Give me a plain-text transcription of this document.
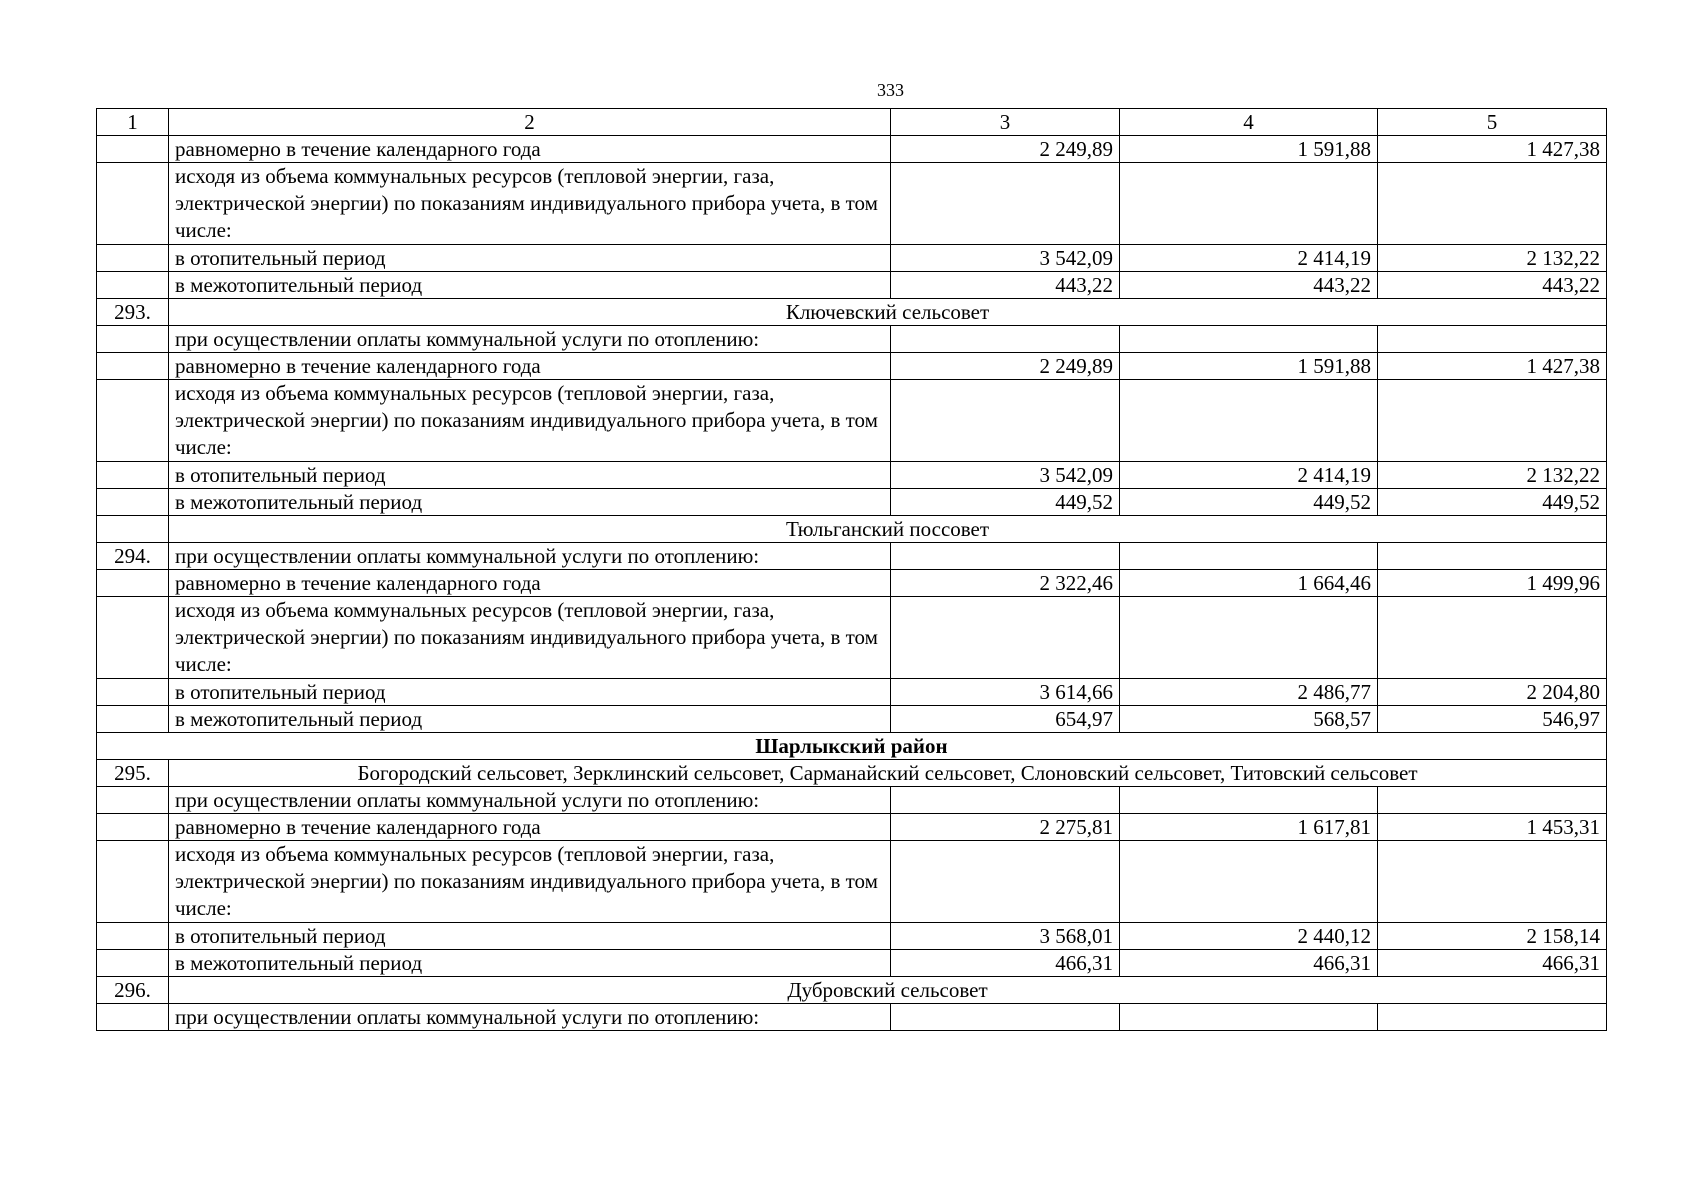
333
1	2	3	4	5
	равномерно в течение календарного года	2 249,89	1 591,88	1 427,38
	исходя из объема коммунальных ресурсов (тепловой энергии, газа, электрической энергии) по показаниям индивидуального прибора учета, в том числе:			
	в отопительный период	3 542,09	2 414,19	2 132,22
	в межотопительный период	443,22	443,22	443,22
293.	Ключевский сельсовет			
	при осуществлении оплаты коммунальной услуги по отоплению:			
	равномерно в течение календарного года	2 249,89	1 591,88	1 427,38
	исходя из объема коммунальных ресурсов (тепловой энергии, газа, электрической энергии) по показаниям индивидуального прибора учета, в том числе:			
	в отопительный период	3 542,09	2 414,19	2 132,22
	в межотопительный период	449,52	449,52	449,52
	Тюльганский поссовет			
294.	при осуществлении оплаты коммунальной услуги по отоплению:			
	равномерно в течение календарного года	2 322,46	1 664,46	1 499,96
	исходя из объема коммунальных ресурсов (тепловой энергии, газа, электрической энергии) по показаниям индивидуального прибора учета, в том числе:			
	в отопительный период	3 614,66	2 486,77	2 204,80
	в межотопительный период	654,97	568,57	546,97
Шарлыкский район				
295.	Богородский сельсовет, Зерклинский сельсовет, Сарманайский сельсовет, Слоновский сельсовет, Титовский сельсовет			
	при осуществлении оплаты коммунальной услуги по отоплению:			
	равномерно в течение календарного года	2 275,81	1 617,81	1 453,31
	исходя из объема коммунальных ресурсов (тепловой энергии, газа, электрической энергии) по показаниям индивидуального прибора учета, в том числе:			
	в отопительный период	3 568,01	2 440,12	2 158,14
	в межотопительный период	466,31	466,31	466,31
296.	Дубровский сельсовет			
	при осуществлении оплаты коммунальной услуги по отоплению:			
